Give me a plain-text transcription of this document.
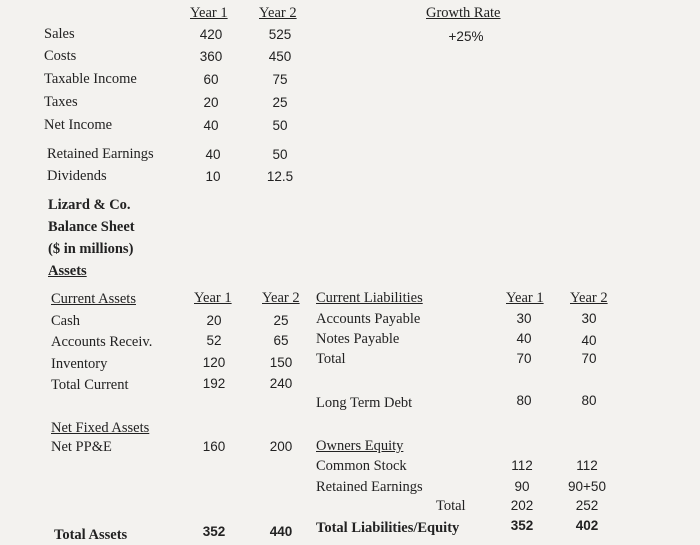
Year 1 Year 2	Growth Rate
+25%
Sales	420	525
Costs	360	450
Taxable Income	60	75
Taxes	20	25
Net Income	40	50
Retained Earnings	40	50
Dividends	10	12.5
Lizard & Co.
Balance Sheet
($ in millions)
Assets
Current Assets	Year 1 Year 2
Cash	20	25
Accounts Receiv.	52	65
Inventory	120	150
Total Current	192	240
Net Fixed Assets
Net PP&E	160	200
Total Assets	352	440
Current Liabilities	Year 1 Year 2
Accounts Payable	30	30
Notes Payable	40	40
Total	70	70
Long Term Debt	80	80
Owners Equity
Common Stock	112	112
Retained Earnings	90	90+50
Total	202	252
Total Liabilities/Equity	352	402
